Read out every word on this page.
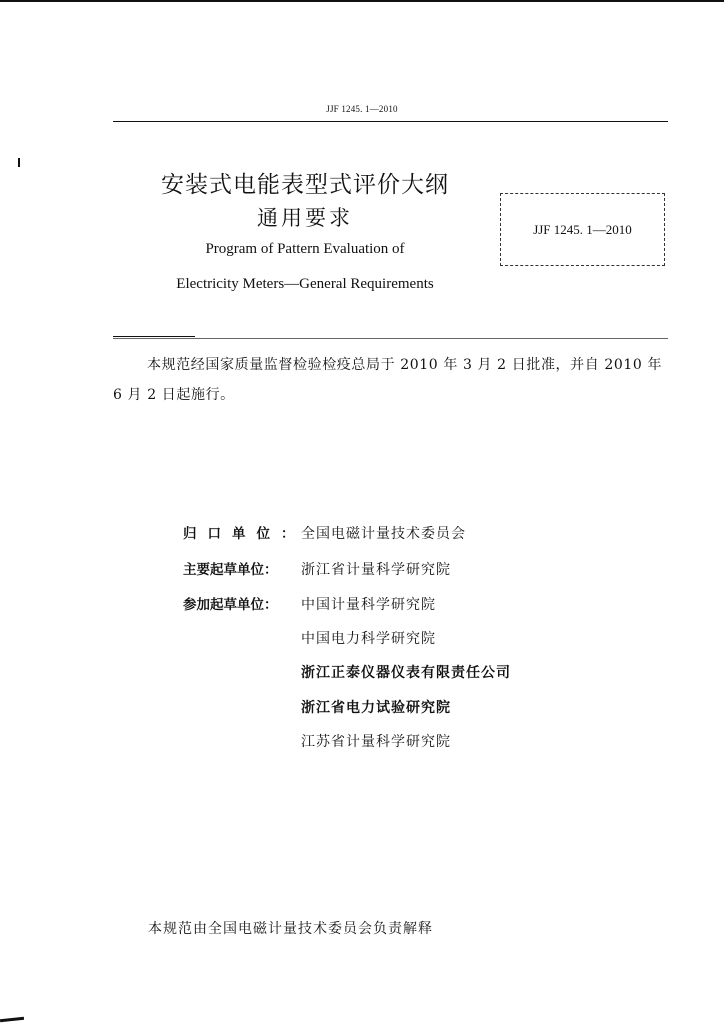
JJF 1245. 1—2010
安装式电能表型式评价大纲
通用要求
Program of Pattern Evaluation of
Electricity Meters—General Requirements
JJF 1245. 1—2010
本规范经国家质量监督检验检疫总局于 2010 年 3 月 2 日批准，并自 2010 年 6 月 2 日起施行。
归口单位：全国电磁计量技术委员会
主要起草单位： 浙江省计量科学研究院
参加起草单位： 中国计量科学研究院
中国电力科学研究院
浙江正泰仪器仪表有限责任公司
浙江省电力试验研究院
江苏省计量科学研究院
本规范由全国电磁计量技术委员会负责解释
